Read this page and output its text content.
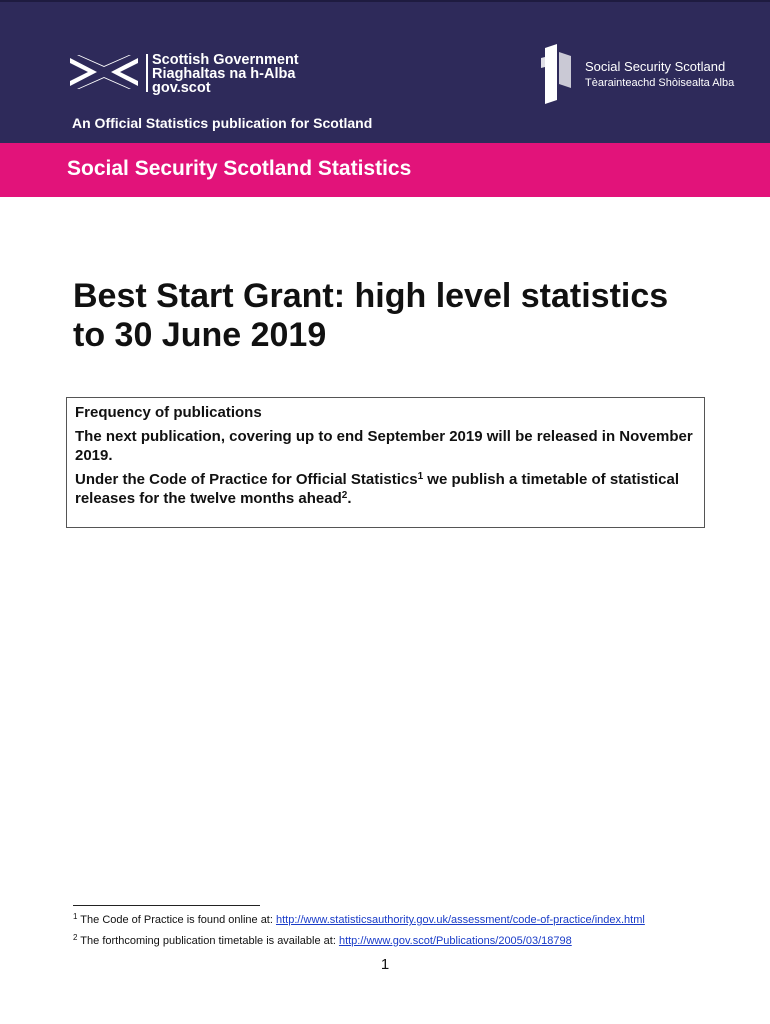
Scottish Government
Riaghaltas na h-Alba
gov.scot
Social Security Scotland
Tèarainteachd Shòisealta Alba
An Official Statistics publication for Scotland
Social Security Scotland Statistics
Best Start Grant: high level statistics to 30 June 2019

Frequency of publications

The next publication, covering up to end September 2019 will be released in November 2019.

Under the Code of Practice for Official Statistics$^1$ we publish a timetable of statistical releases for the twelve months ahead$^2$.

$^1$ The Code of Practice is found online at: http://www.statisticsauthority.gov.uk/assessment/code-of-practice/index.html
$^2$ The forthcoming publication timetable is available at: http://www.gov.scot/Publications/2005/03/18798
1
